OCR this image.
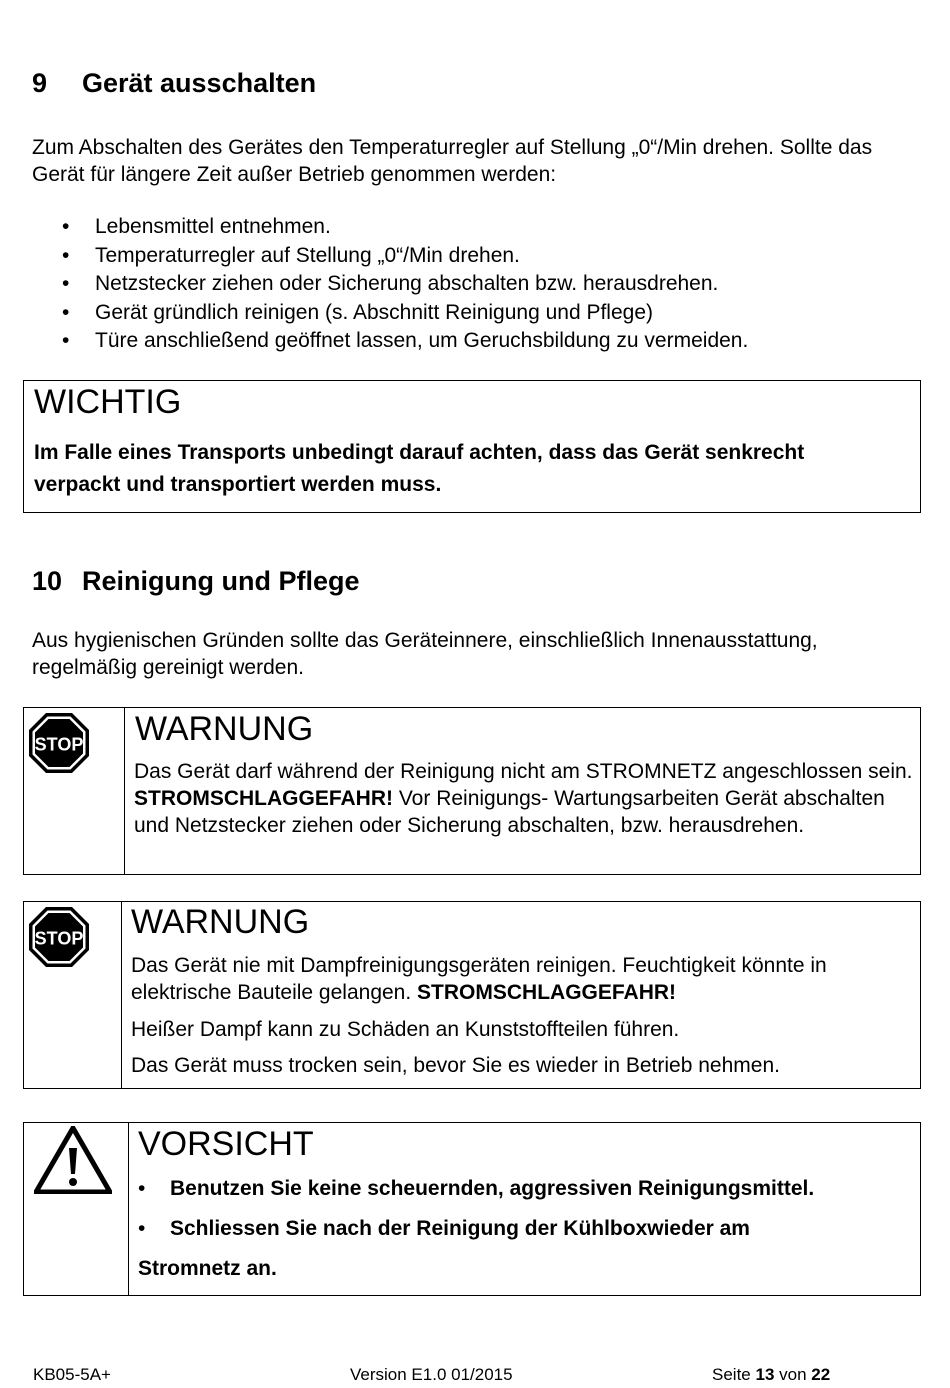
9 Gerät ausschalten
Zum Abschalten des Gerätes den Temperaturregler auf Stellung „0“/Min drehen. Sollte das Gerät für längere Zeit außer Betrieb genommen werden:
• Lebensmittel entnehmen.
• Temperaturregler auf Stellung „0“/Min drehen.
• Netzstecker ziehen oder Sicherung abschalten bzw. herausdrehen.
• Gerät gründlich reinigen (s. Abschnitt Reinigung und Pflege)
• Türe anschließend geöffnet lassen, um Geruchsbildung zu vermeiden.
WICHTIG
Im Falle eines Transports unbedingt darauf achten, dass das Gerät senkrecht verpackt und transportiert werden muss.
10 Reinigung und Pflege
Aus hygienischen Gründen sollte das Geräteinnere, einschließlich Innenausstattung, regelmäßig gereinigt werden.
STOP WARNUNG
Das Gerät darf während der Reinigung nicht am STROMNETZ angeschlossen sein. STROMSCHLAGGEFAHR! Vor Reinigungs- Wartungsarbeiten Gerät abschalten und Netzstecker ziehen oder Sicherung abschalten, bzw. herausdrehen.
STOP WARNUNG
Das Gerät nie mit Dampfreinigungsgeräten reinigen. Feuchtigkeit könnte in elektrische Bauteile gelangen. STROMSCHLAGGEFAHR!
Heißer Dampf kann zu Schäden an Kunststoffteilen führen.
Das Gerät muss trocken sein, bevor Sie es wieder in Betrieb nehmen.
VORSICHT
• Benutzen Sie keine scheuernden, aggressiven Reinigungsmittel.
• Schliessen Sie nach der Reinigung der Kühlboxwieder am
Stromnetz an.
KB05-5A+	Version E1.0 01/2015	Seite 13 von 22
